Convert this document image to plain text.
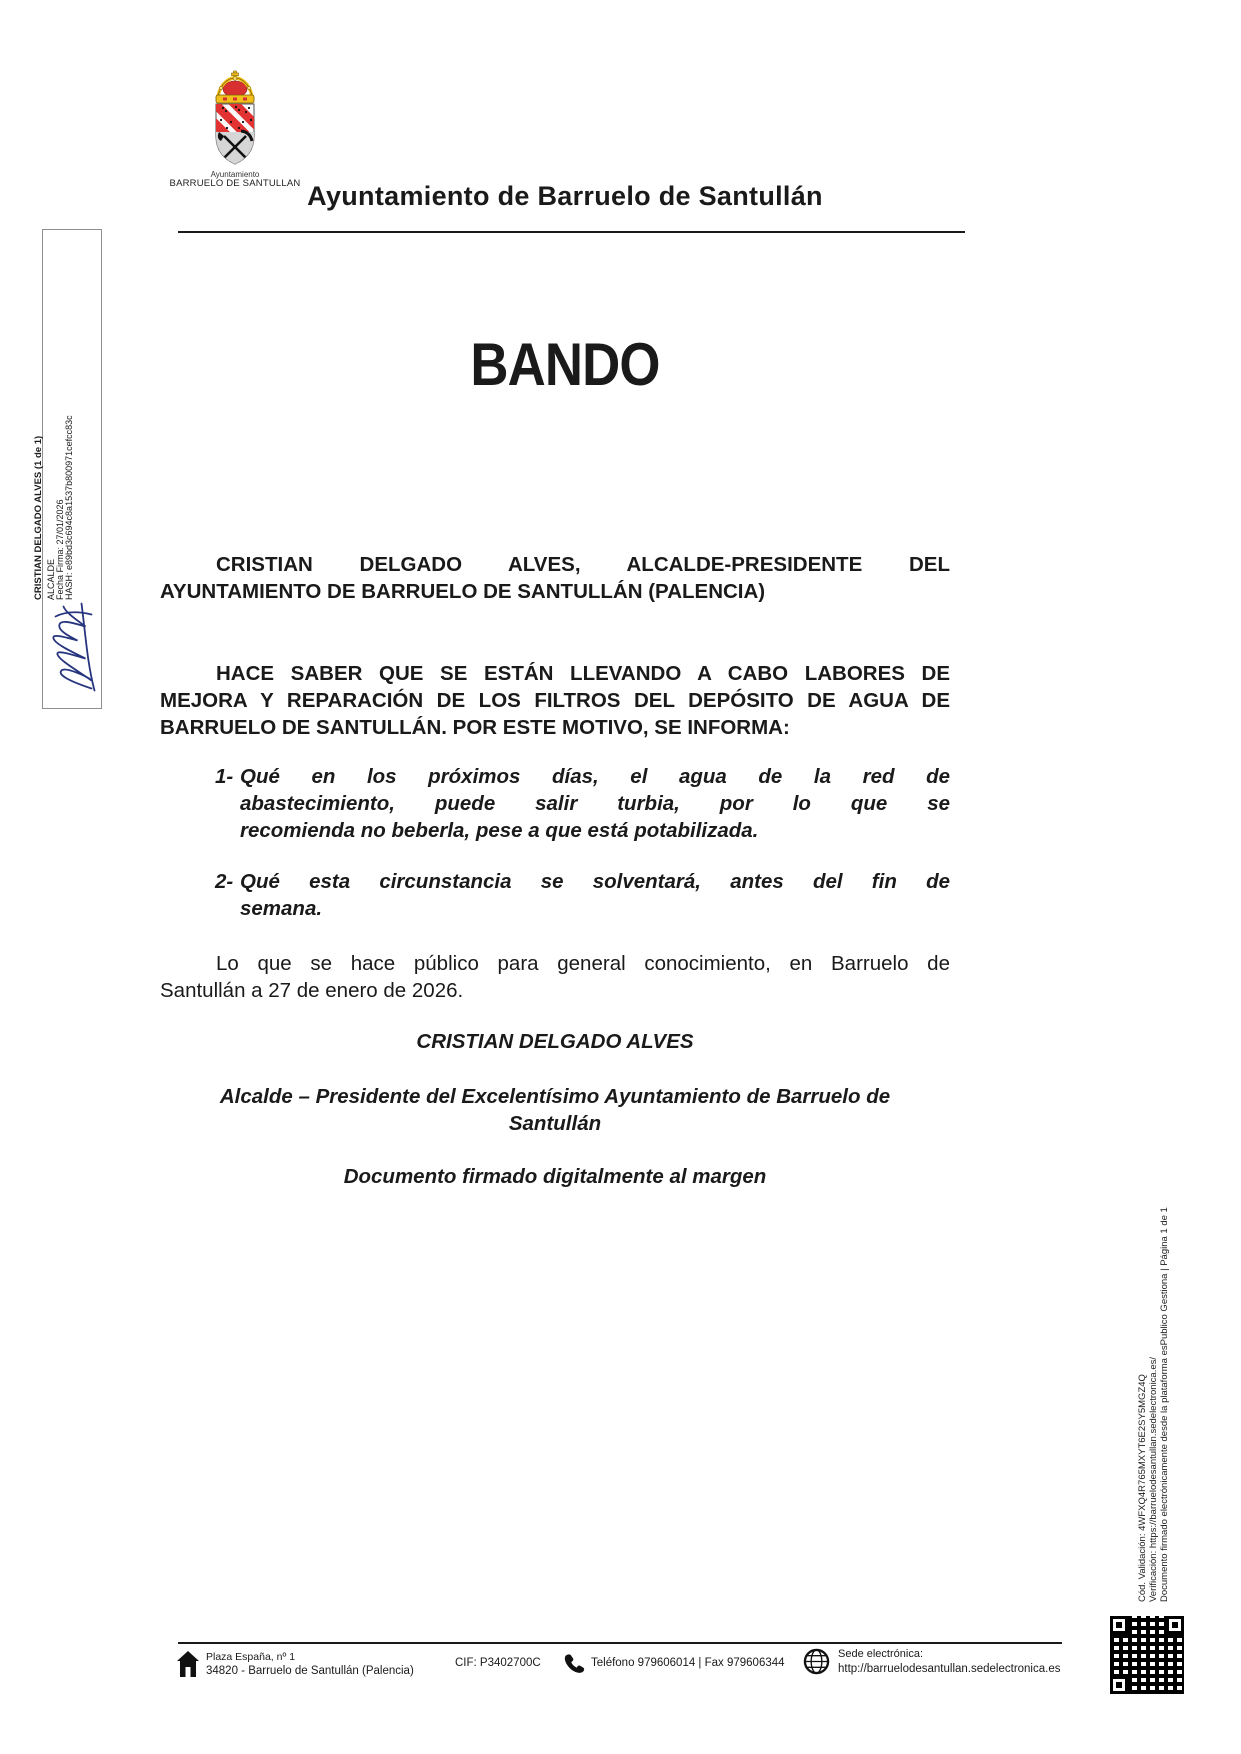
Ayuntamiento
BARRUELO DE SANTULLAN Ayuntamiento de Barruelo de Santullán
CRISTIAN DELGADO ALVES (1 de 1) ALCALDE Fecha Firma: 27/01/2026 HASH: e89bd3c694c8a1537b800971cefcc83c
BANDO

CRISTIAN DELGADO ALVES, ALCALDE-PRESIDENTE DEL
AYUNTAMIENTO DE BARRUELO DE SANTULLÁN (PALENCIA)

HACE SABER QUE SE ESTÁN LLEVANDO A CABO LABORES DE
MEJORA Y REPARACIÓN DE LOS FILTROS DEL DEPÓSITO DE AGUA DE
BARRUELO DE SANTULLÁN. POR ESTE MOTIVO, SE INFORMA:

1- Qué en los próximos días, el agua de la red de
abastecimiento, puede salir turbia, por lo que se
recomienda no beberla, pese a que está potabilizada.
2- Qué esta circunstancia se solventará, antes del fin de
semana.

Lo que se hace público para general conocimiento, en Barruelo de
Santullán a 27 de enero de 2026.

CRISTIAN DELGADO ALVES

Alcalde – Presidente del Excelentísimo Ayuntamiento de Barruelo de
Santullán

Documento firmado digitalmente al margen

Cód. Validación: 4WFXQ4R765MXYT6E2SY5MGZ4Q Verificación: https://barruelodesantullan.sedelectronica.es/ Documento firmado electrónicamente desde la plataforma esPublico Gestiona | Página 1 de 1
Plaza España, nº 1
34820 - Barruelo de Santullán (Palencia)
CIF: P3402700C	Teléfono 979606014 | Fax 979606344
Sede electrónica:
http://barruelodesantullan.sedelectronica.es
